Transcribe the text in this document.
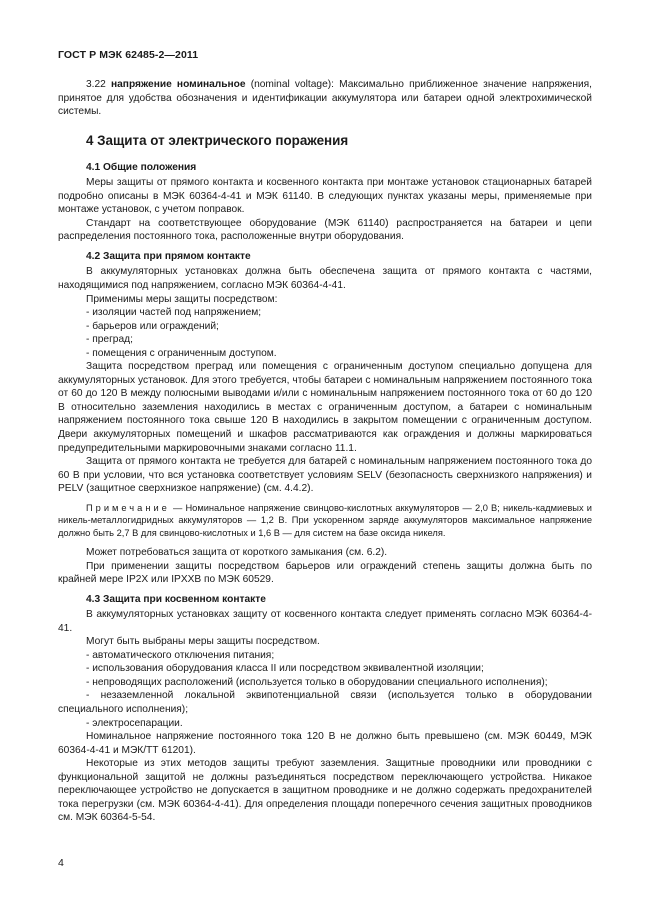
ГОСТ Р МЭК 62485-2—2011

3.22 напряжение номинальное (nominal voltage): Максимально приближенное значение напряжения, принятое для удобства обозначения и идентификации аккумулятора или батареи одной электрохимической системы.

4 Защита от электрического поражения
4.1 Общие положения

Меры защиты от прямого контакта и косвенного контакта при монтаже установок стационарных батарей подробно описаны в МЭК 60364-4-41 и МЭК 61140. В следующих пунктах указаны меры, применяемые при монтаже установок, с учетом поправок.

Стандарт на соответствующее оборудование (МЭК 61140) распространяется на батареи и цепи распределения постоянного тока, расположенные внутри оборудования.

4.2 Защита при прямом контакте

В аккумуляторных установках должна быть обеспечена защита от прямого контакта с частями, находящимися под напряжением, согласно МЭК 60364-4-41.

Применимы меры защиты посредством:

- изоляции частей под напряжением;

- барьеров или ограждений;

- преград;

- помещения с ограниченным доступом.

Защита посредством преград или помещения с ограниченным доступом специально допущена для аккумуляторных установок. Для этого требуется, чтобы батареи с номинальным напряжением постоянного тока от 60 до 120 В между полюсными выводами и/или с номинальным напряжением постоянного тока от 60 до 120 В относительно заземления находились в местах с ограниченным доступом, а батареи с номинальным напряжением постоянного тока свыше 120 В находились в закрытом помещении с ограниченным доступом. Двери аккумуляторных помещений и шкафов рассматриваются как ограждения и должны маркироваться предупредительными маркировочными знаками согласно 11.1.

Защита от прямого контакта не требуется для батарей с номинальным напряжением постоянного тока до 60 В при условии, что вся установка соответствует условиям SELV (безопасность сверхнизкого напряжения) и PELV (защитное сверхнизкое напряжение) (см. 4.4.2).

Примечание — Номинальное напряжение свинцово-кислотных аккумуляторов — 2,0 В; никель-кадмиевых и никель-металлогидридных аккумуляторов — 1,2 В. При ускоренном заряде аккумуляторов максимальное напряжение должно быть 2,7 В для свинцово-кислотных и 1,6 В — для систем на базе оксида никеля.

Может потребоваться защита от короткого замыкания (см. 6.2).

При применении защиты посредством барьеров или ограждений степень защиты должна быть по крайней мере IP2X или IPXXB по МЭК 60529.

4.3 Защита при косвенном контакте

В аккумуляторных установках защиту от косвенного контакта следует применять согласно МЭК 60364-4-41.

Могут быть выбраны меры защиты посредством.

- автоматического отключения питания;

- использования оборудования класса II или посредством эквивалентной изоляции;

- непроводящих расположений (используется только в оборудовании специального исполнения);

- незаземленной локальной эквипотенциальной связи (используется только в оборудовании специального исполнения);

- электросепарации.

Номинальное напряжение постоянного тока 120 В не должно быть превышено (см. МЭК 60449, МЭК 60364-4-41 и МЭК/ТТ 61201).

Некоторые из этих методов защиты требуют заземления. Защитные проводники или проводники с функциональной защитой не должны разъединяться посредством переключающего устройства. Никакое переключающее устройство не допускается в защитном проводнике и не должно содержать предохранителей тока перегрузки (см. МЭК 60364-4-41). Для определения площади поперечного сечения защитных проводников см. МЭК 60364-5-54.

4
